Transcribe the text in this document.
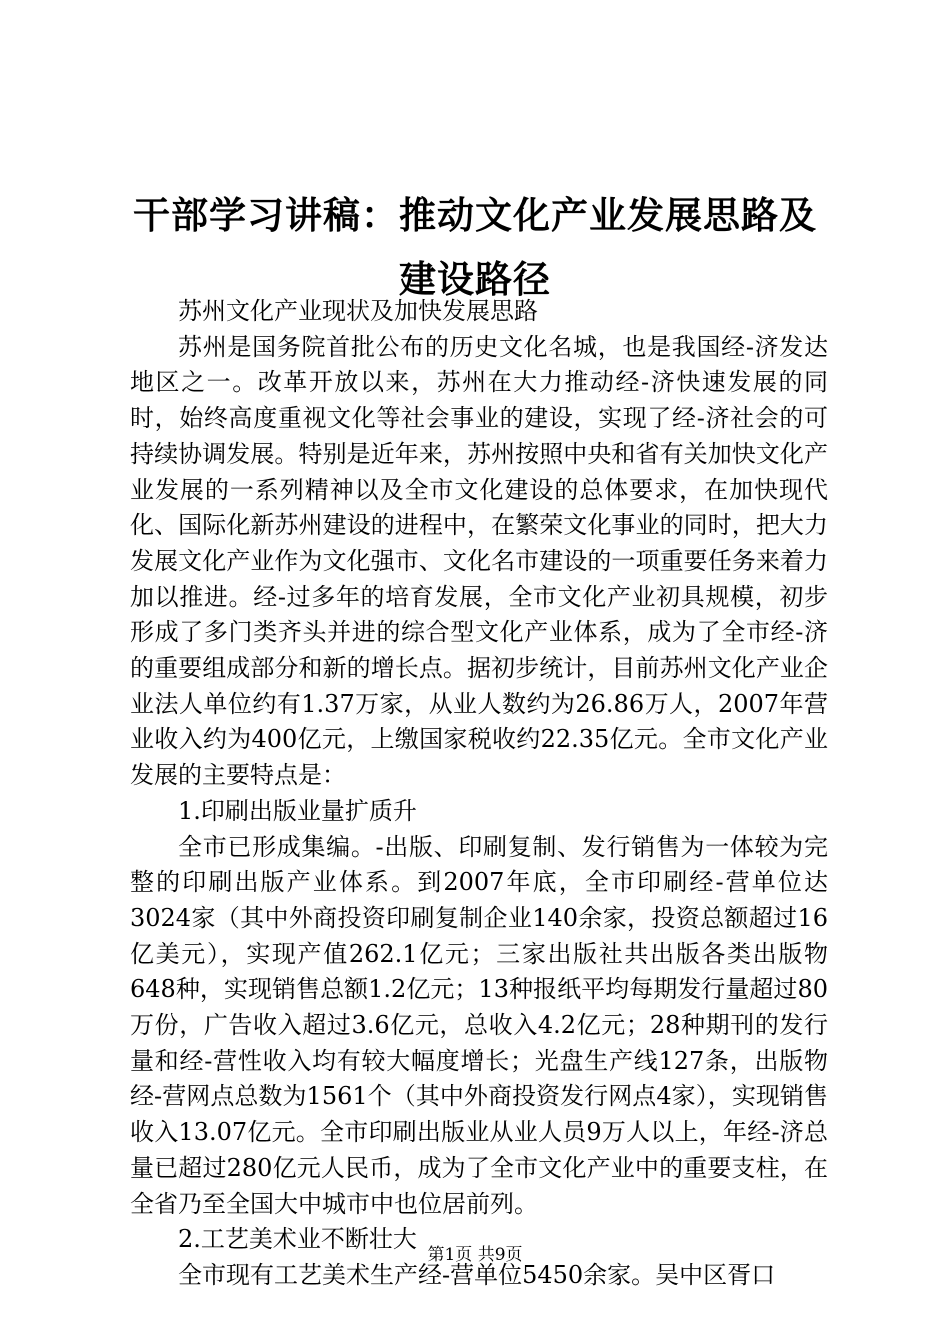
干部学习讲稿：推动文化产业发展思路及建设路径

苏州文化产业现状及加快发展思路

苏州是国务院首批公布的历史文化名城，也是我国经-济发达地区之一。改革开放以来，苏州在大力推动经-济快速发展的同时，始终高度重视文化等社会事业的建设，实现了经-济社会的可持续协调发展。特别是近年来，苏州按照中央和省有关加快文化产业发展的一系列精神以及全市文化建设的总体要求，在加快现代化、国际化新苏州建设的进程中，在繁荣文化事业的同时，把大力发展文化产业作为文化强市、文化名市建设的一项重要任务来着力加以推进。经-过多年的培育发展，全市文化产业初具规模，初步形成了多门类齐头并进的综合型文化产业体系，成为了全市经-济的重要组成部分和新的增长点。据初步统计，目前苏州文化产业企业法人单位约有1.37万家，从业人数约为26.86万人，2007年营业收入约为400亿元，上缴国家税收约22.35亿元。全市文化产业发展的主要特点是：

1.印刷出版业量扩质升

全市已形成集编。-出版、印刷复制、发行销售为一体较为完整的印刷出版产业体系。到2007年底，全市印刷经-营单位达3024家（其中外商投资印刷复制企业140余家，投资总额超过16亿美元），实现产值262.1亿元；三家出版社共出版各类出版物648种，实现销售总额1.2亿元；13种报纸平均每期发行量超过80万份，广告收入超过3.6亿元，总收入4.2亿元；28种期刊的发行量和经-营性收入均有较大幅度增长；光盘生产线127条，出版物经-营网点总数为1561个（其中外商投资发行网点4家），实现销售收入13.07亿元。全市印刷出版业从业人员9万人以上，年经-济总量已超过280亿元人民币，成为了全市文化产业中的重要支柱，在全省乃至全国大中城市中也位居前列。

2.工艺美术业不断壮大

全市现有工艺美术生产经-营单位5450余家。吴中区胥口

第1页 共9页
